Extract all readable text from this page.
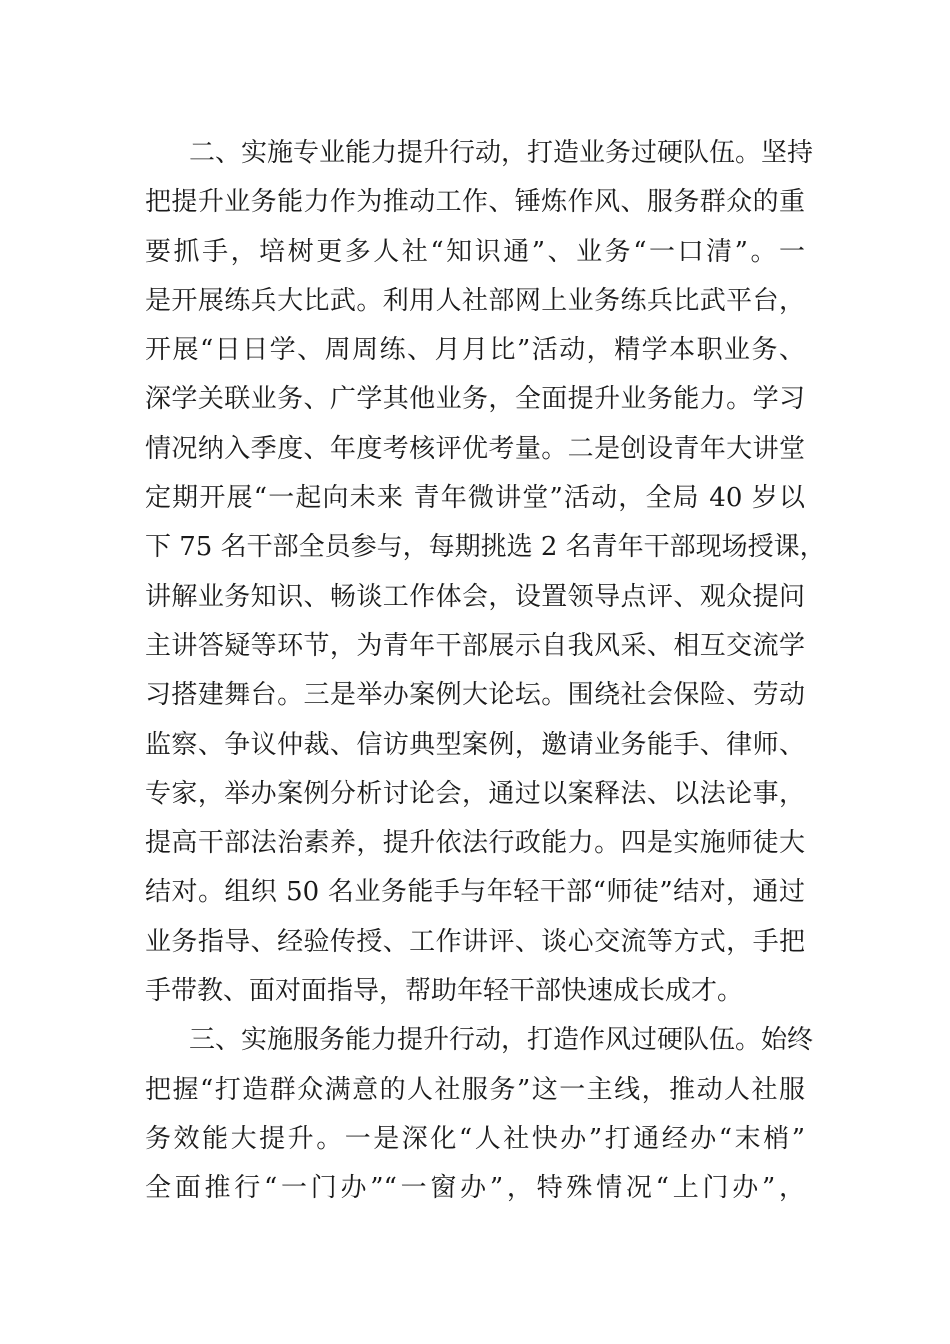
二、实施专业能力提升行动，打造业务过硬队伍。坚持
把提升业务能力作为推动工作、锤炼作风、服务群众的重
要抓手，培树更多人社“知识通”、业务“一口清”。一
是开展练兵大比武。利用人社部网上业务练兵比武平台，
开展“日日学、周周练、月月比”活动，精学本职业务、
深学关联业务、广学其他业务，全面提升业务能力。学习
情况纳入季度、年度考核评优考量。二是创设青年大讲堂
定期开展“一起向未来 青年微讲堂”活动，全局 40 岁以
下 75 名干部全员参与，每期挑选 2 名青年干部现场授课，
讲解业务知识、畅谈工作体会，设置领导点评、观众提问
主讲答疑等环节，为青年干部展示自我风采、相互交流学
习搭建舞台。三是举办案例大论坛。围绕社会保险、劳动
监察、争议仲裁、信访典型案例，邀请业务能手、律师、
专家，举办案例分析讨论会，通过以案释法、以法论事，
提高干部法治素养，提升依法行政能力。四是实施师徒大
结对。组织 50 名业务能手与年轻干部“师徒”结对，通过
业务指导、经验传授、工作讲评、谈心交流等方式，手把
手带教、面对面指导，帮助年轻干部快速成长成才。

三、实施服务能力提升行动，打造作风过硬队伍。始终
把握“打造群众满意的人社服务”这一主线，推动人社服
务效能大提升。一是深化“人社快办”打通经办“末梢”
全面推行“一门办”“一窗办”，特殊情况“上门办”，
